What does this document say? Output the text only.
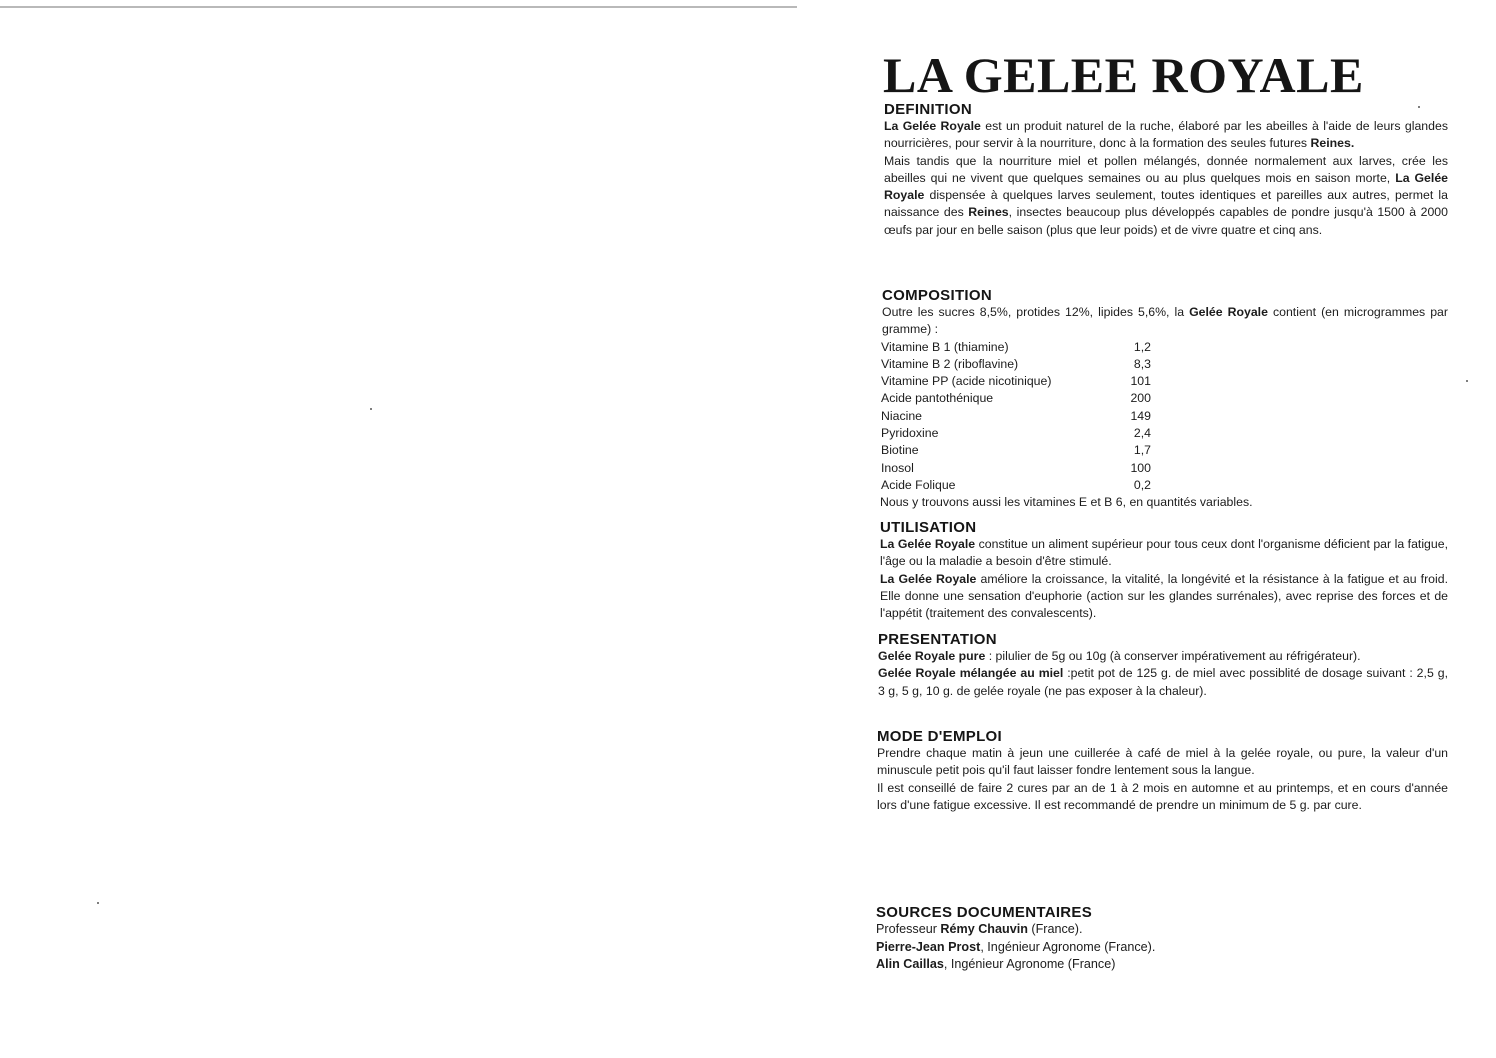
LA GELEE ROYALE
DEFINITION

La Gelée Royale est un produit naturel de la ruche, élaboré par les abeilles à l'aide de leurs glandes nourricières, pour servir à la nourriture, donc à la formation des seules futures Reines.

Mais tandis que la nourriture miel et pollen mélangés, donnée normalement aux larves, crée les abeilles qui ne vivent que quelques semaines ou au plus quelques mois en saison morte, La Gelée Royale dispensée à quelques larves seulement, toutes identiques et pareilles aux autres, permet la naissance des Reines, insectes beaucoup plus développés capables de pondre jusqu'à 1500 à 2000 œufs par jour en belle saison (plus que leur poids) et de vivre quatre et cinq ans.

COMPOSITION

Outre les sucres 8,5%, protides 12%, lipides 5,6%, la Gelée Royale contient (en microgrammes par gramme) :

Vitamine B 1 (thiamine)	1,2
Vitamine B 2 (riboflavine)	8,3
Vitamine PP (acide nicotinique)	101
Acide pantothénique	200
Niacine	149
Pyridoxine	2,4
Biotine	1,7
Inosol	100
Acide Folique	0,2

Nous y trouvons aussi les vitamines E et B 6, en quantités variables.

UTILISATION

La Gelée Royale constitue un aliment supérieur pour tous ceux dont l'organisme déficient par la fatigue, l'âge ou la maladie a besoin d'être stimulé.

La Gelée Royale améliore la croissance, la vitalité, la longévité et la résistance à la fatigue et au froid. Elle donne une sensation d'euphorie (action sur les glandes surrénales), avec reprise des forces et de l'appétit (traitement des convalescents).

PRESENTATION

Gelée Royale pure : pilulier de 5g ou 10g (à conserver impérativement au réfrigérateur).

Gelée Royale mélangée au miel :petit pot de 125 g. de miel avec possiblité de dosage suivant : 2,5 g, 3 g, 5 g, 10 g. de gelée royale (ne pas exposer à la chaleur).

MODE D'EMPLOI

Prendre chaque matin à jeun une cuillerée à café de miel à la gelée royale, ou pure, la valeur d'un minuscule petit pois qu'il faut laisser fondre lentement sous la langue.

Il est conseillé de faire 2 cures par an de 1 à 2 mois en automne et au printemps, et en cours d'année lors d'une fatigue excessive. Il est recommandé de prendre un minimum de 5 g. par cure.

SOURCES DOCUMENTAIRES

Professeur Rémy Chauvin (France).

Pierre-Jean Prost, Ingénieur Agronome (France).

Alin Caillas, Ingénieur Agronome (France)
